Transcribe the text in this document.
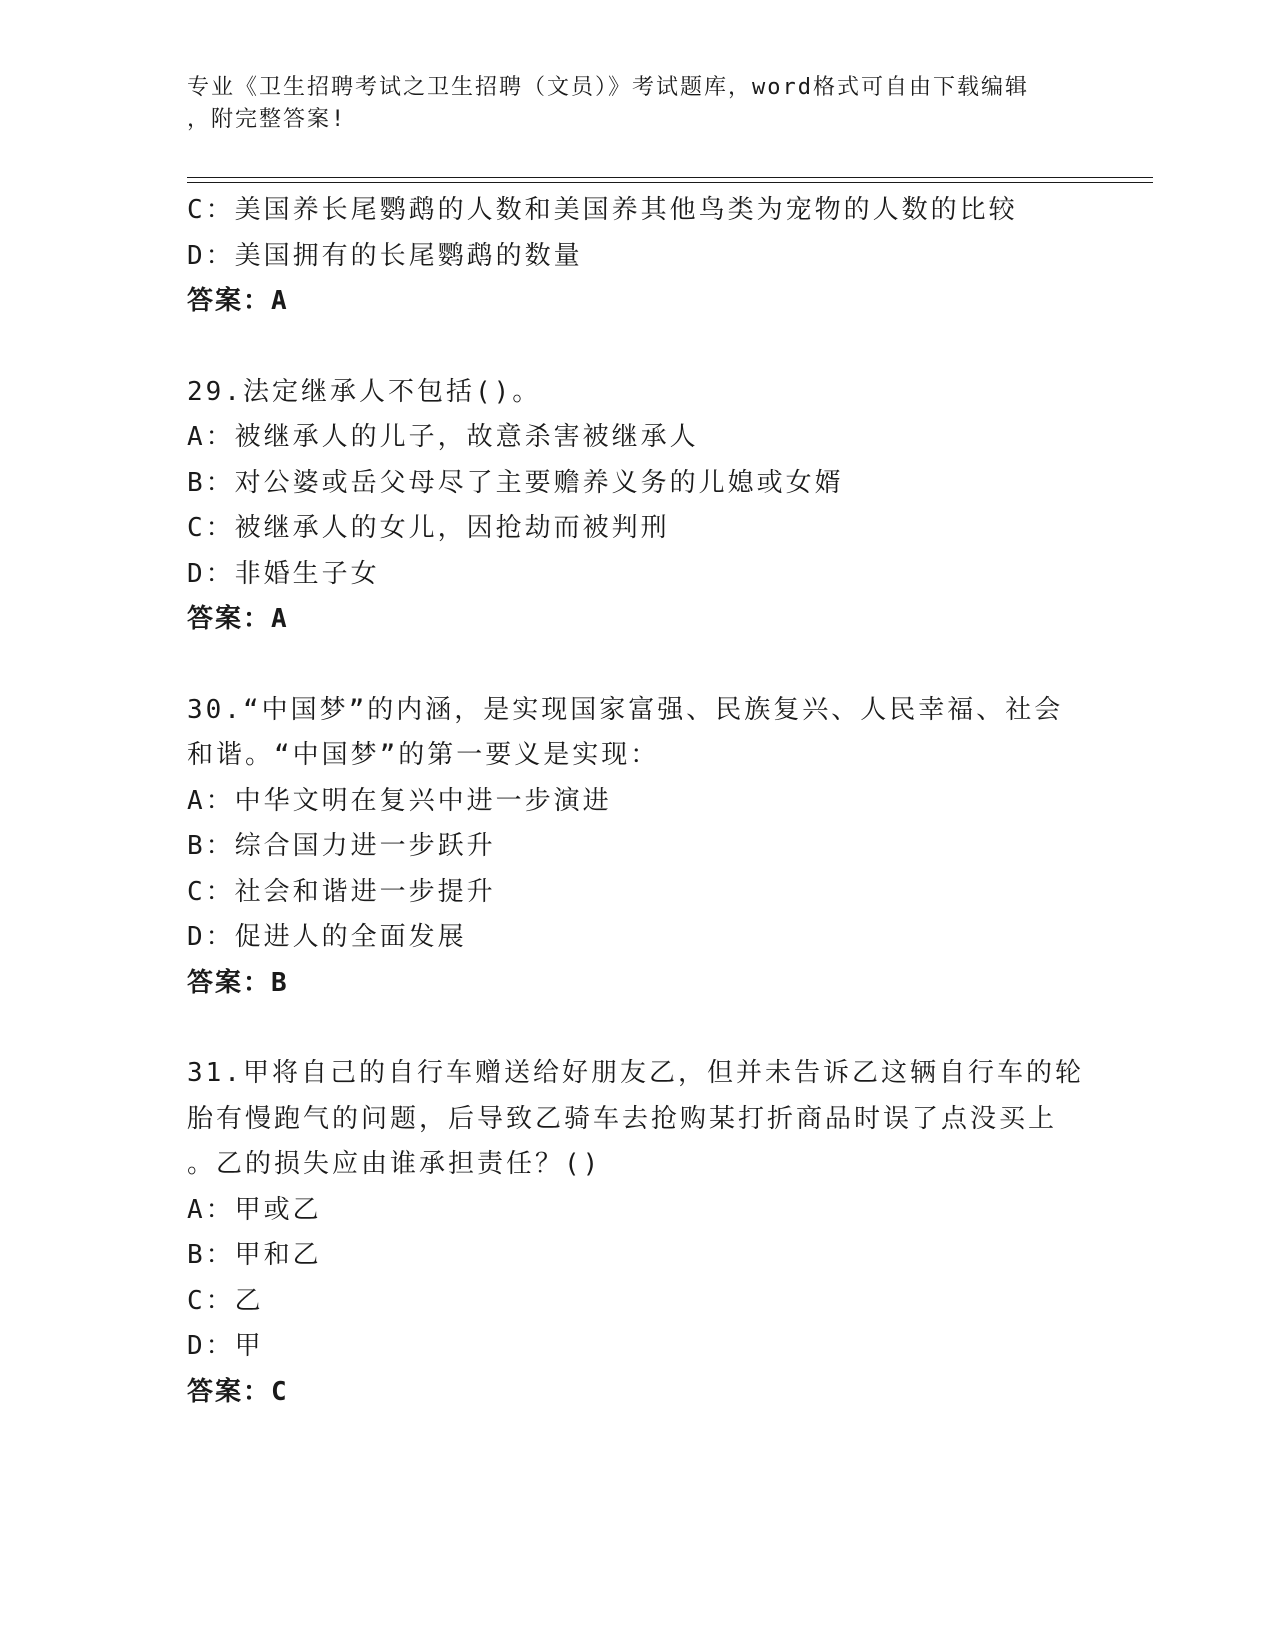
专业《卫生招聘考试之卫生招聘（文员）》考试题库，word格式可自由下载编辑
，附完整答案!
C：美国养长尾鹦鹉的人数和美国养其他鸟类为宠物的人数的比较
D：美国拥有的长尾鹦鹉的数量
答案：A
29.法定继承人不包括()。
A：被继承人的儿子，故意杀害被继承人
B：对公婆或岳父母尽了主要赡养义务的儿媳或女婿
C：被继承人的女儿，因抢劫而被判刑
D：非婚生子女
答案：A
30.“中国梦”的内涵，是实现国家富强、民族复兴、人民幸福、社会
和谐。“中国梦”的第一要义是实现：
A：中华文明在复兴中进一步演进
B：综合国力进一步跃升
C：社会和谐进一步提升
D：促进人的全面发展
答案：B
31.甲将自己的自行车赠送给好朋友乙，但并未告诉乙这辆自行车的轮
胎有慢跑气的问题，后导致乙骑车去抢购某打折商品时误了点没买上
。乙的损失应由谁承担责任？()
A：甲或乙
B：甲和乙
C：乙
D：甲
答案：C
